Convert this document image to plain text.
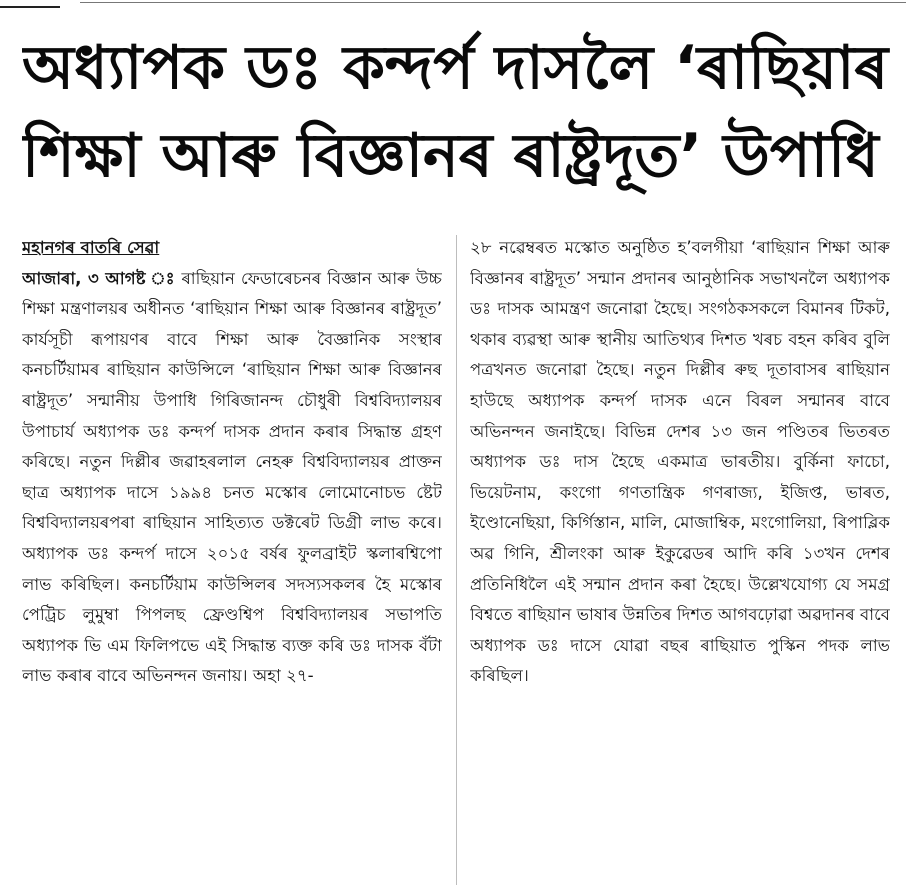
অধ্যাপক ডঃ কন্দৰ্প দাসলৈ ‘ৰাছিয়াৰ
শিক্ষা আৰু বিজ্ঞানৰ ৰাষ্ট্ৰদূত’ উপাধি
মহানগৰ বাতৰি সেৱা
আজাৰা, ৩ আগষ্ট ঃ ৰাছিয়ান ফেডাৰেচনৰ বিজ্ঞান আৰু উচ্চ শিক্ষা মন্ত্ৰণালয়ৰ অধীনত ‘ৰাছিয়ান শিক্ষা আৰু বিজ্ঞানৰ ৰাষ্ট্ৰদূত’ কাৰ্যসূচী ৰূপায়ণৰ বাবে শিক্ষা আৰু বৈজ্ঞানিক সংস্থাৰ কনচৰ্টিয়ামৰ ৰাছিয়ান কাউন্সিলে ‘ৰাছিয়ান শিক্ষা আৰু বিজ্ঞানৰ ৰাষ্ট্ৰদূত’ সন্মানীয় উপাধি গিৰিজানন্দ চৌধুৰী বিশ্ববিদ্যালয়ৰ উপাচাৰ্য অধ্যাপক ডঃ কন্দৰ্প দাসক প্ৰদান কৰাৰ সিদ্ধান্ত গ্ৰহণ কৰিছে। নতুন দিল্লীৰ জৱাহৰলাল নেহৰু বিশ্ববিদ্যালয়ৰ প্ৰাক্তন ছাত্ৰ অধ্যাপক দাসে ১৯৯৪ চনত মস্কোৰ লোমোনোচভ ষ্টেট বিশ্ববিদ্যালয়ৰপৰা ৰাছিয়ান সাহিত্যত ডক্টৰেট ডিগ্ৰী লাভ কৰে। অধ্যাপক ডঃ কন্দৰ্প দাসে ২০১৫ বৰ্ষৰ ফুলব্ৰাইট স্কলাৰশ্বিপো লাভ কৰিছিল। কনচৰ্টিয়াম কাউন্সিলৰ সদস্যসকলৰ হৈ মস্কোৰ পেট্ৰিচ লুমুম্বা পিপলছ ফ্ৰেণ্ডশ্বিপ বিশ্ববিদ্যালয়ৰ সভাপতি অধ্যাপক ভি এম ফিলিপভে এই সিদ্ধান্ত ব্যক্ত কৰি ডঃ দাসক বঁটা লাভ কৰাৰ বাবে অভিনন্দন জনায়। অহা ২৭-
২৮ নৱেম্বৰত মস্কোত অনুষ্ঠিত হ’বলগীয়া ‘ৰাছিয়ান শিক্ষা আৰু বিজ্ঞানৰ ৰাষ্ট্ৰদূত’ সন্মান প্ৰদানৰ আনুষ্ঠানিক সভাখনলৈ অধ্যাপক ডঃ দাসক আমন্ত্ৰণ জনোৱা হৈছে। সংগঠকসকলে বিমানৰ টিকট, থকাৰ ব্যৱস্থা আৰু স্থানীয় আতিথ্যৰ দিশত খৰচ বহন কৰিব বুলি পত্ৰখনত জনোৱা হৈছে। নতুন দিল্লীৰ ৰুছ দূতাবাসৰ ৰাছিয়ান হাউছে অধ্যাপক কন্দৰ্প দাসক এনে বিৰল সন্মানৰ বাবে অভিনন্দন জনাইছে। বিভিন্ন দেশৰ ১৩ জন পণ্ডিতৰ ভিতৰত অধ্যাপক ডঃ দাস হৈছে একমাত্ৰ ভাৰতীয়। বুৰ্কিনা ফাচো, ভিয়েটনাম, কংগো গণতান্ত্ৰিক গণৰাজ্য, ইজিপ্ত, ভাৰত, ইণ্ডোনেছিয়া, কিৰ্গিস্তান, মালি, মোজাম্বিক, মংগোলিয়া, ৰিপাব্লিক অৱ গিনি, শ্ৰীলংকা আৰু ইকুৱেডৰ আদি কৰি ১৩খন দেশৰ প্ৰতিনিধিলৈ এই সন্মান প্ৰদান কৰা হৈছে। উল্লেখযোগ্য যে সমগ্ৰ বিশ্বতে ৰাছিয়ান ভাষাৰ উন্নতিৰ দিশত আগবঢ়োৱা অৱদানৰ বাবে অধ্যাপক ডঃ দাসে যোৱা বছৰ ৰাছিয়াত পুস্কিন পদক লাভ কৰিছিল।
